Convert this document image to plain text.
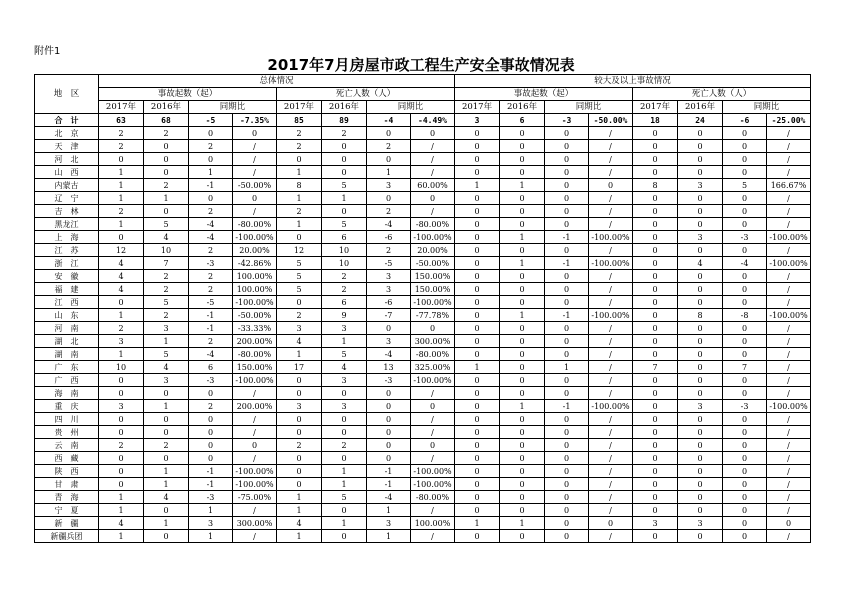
附件1
2017年7月房屋市政工程生产安全事故情况表
地　区	总体情况								较大及以上事故情况							
	事故起数（起）				死亡人数（人）				事故起数（起）				死亡人数（人）			
	2017年	2016年	同期比		2017年	2016年	同期比		2017年	2016年	同期比		2017年	2016年	同期比	
合　计	63	68	-5	-7.35%	85	89	-4	-4.49%	3	6	-3	-50.00%	18	24	-6	-25.00%
北　京	2	2	0	0	2	2	0	0	0	0	0	/	0	0	0	/
天　津	2	0	2	/	2	0	2	/	0	0	0	/	0	0	0	/
河　北	0	0	0	/	0	0	0	/	0	0	0	/	0	0	0	/
山　西	1	0	1	/	1	0	1	/	0	0	0	/	0	0	0	/
内蒙古	1	2	-1	-50.00%	8	5	3	60.00%	1	1	0	0	8	3	5	166.67%
辽　宁	1	1	0	0	1	1	0	0	0	0	0	/	0	0	0	/
吉　林	2	0	2	/	2	0	2	/	0	0	0	/	0	0	0	/
黑龙江	1	5	-4	-80.00%	1	5	-4	-80.00%	0	0	0	/	0	0	0	/
上　海	0	4	-4	-100.00%	0	6	-6	-100.00%	0	1	-1	-100.00%	0	3	-3	-100.00%
江　苏	12	10	2	20.00%	12	10	2	20.00%	0	0	0	/	0	0	0	/
浙　江	4	7	-3	-42.86%	5	10	-5	-50.00%	0	1	-1	-100.00%	0	4	-4	-100.00%
安　徽	4	2	2	100.00%	5	2	3	150.00%	0	0	0	/	0	0	0	/
福　建	4	2	2	100.00%	5	2	3	150.00%	0	0	0	/	0	0	0	/
江　西	0	5	-5	-100.00%	0	6	-6	-100.00%	0	0	0	/	0	0	0	/
山　东	1	2	-1	-50.00%	2	9	-7	-77.78%	0	1	-1	-100.00%	0	8	-8	-100.00%
河　南	2	3	-1	-33.33%	3	3	0	0	0	0	0	/	0	0	0	/
湖　北	3	1	2	200.00%	4	1	3	300.00%	0	0	0	/	0	0	0	/
湖　南	1	5	-4	-80.00%	1	5	-4	-80.00%	0	0	0	/	0	0	0	/
广　东	10	4	6	150.00%	17	4	13	325.00%	1	0	1	/	7	0	7	/
广　西	0	3	-3	-100.00%	0	3	-3	-100.00%	0	0	0	/	0	0	0	/
海　南	0	0	0	/	0	0	0	/	0	0	0	/	0	0	0	/
重　庆	3	1	2	200.00%	3	3	0	0	0	1	-1	-100.00%	0	3	-3	-100.00%
四　川	0	0	0	/	0	0	0	/	0	0	0	/	0	0	0	/
贵　州	0	0	0	/	0	0	0	/	0	0	0	/	0	0	0	/
云　南	2	2	0	0	2	2	0	0	0	0	0	/	0	0	0	/
西　藏	0	0	0	/	0	0	0	/	0	0	0	/	0	0	0	/
陕　西	0	1	-1	-100.00%	0	1	-1	-100.00%	0	0	0	/	0	0	0	/
甘　肃	0	1	-1	-100.00%	0	1	-1	-100.00%	0	0	0	/	0	0	0	/
青　海	1	4	-3	-75.00%	1	5	-4	-80.00%	0	0	0	/	0	0	0	/
宁　夏	1	0	1	/	1	0	1	/	0	0	0	/	0	0	0	/
新　疆	4	1	3	300.00%	4	1	3	100.00%	1	1	0	0	3	3	0	0
新疆兵团	1	0	1	/	1	0	1	/	0	0	0	/	0	0	0	/
